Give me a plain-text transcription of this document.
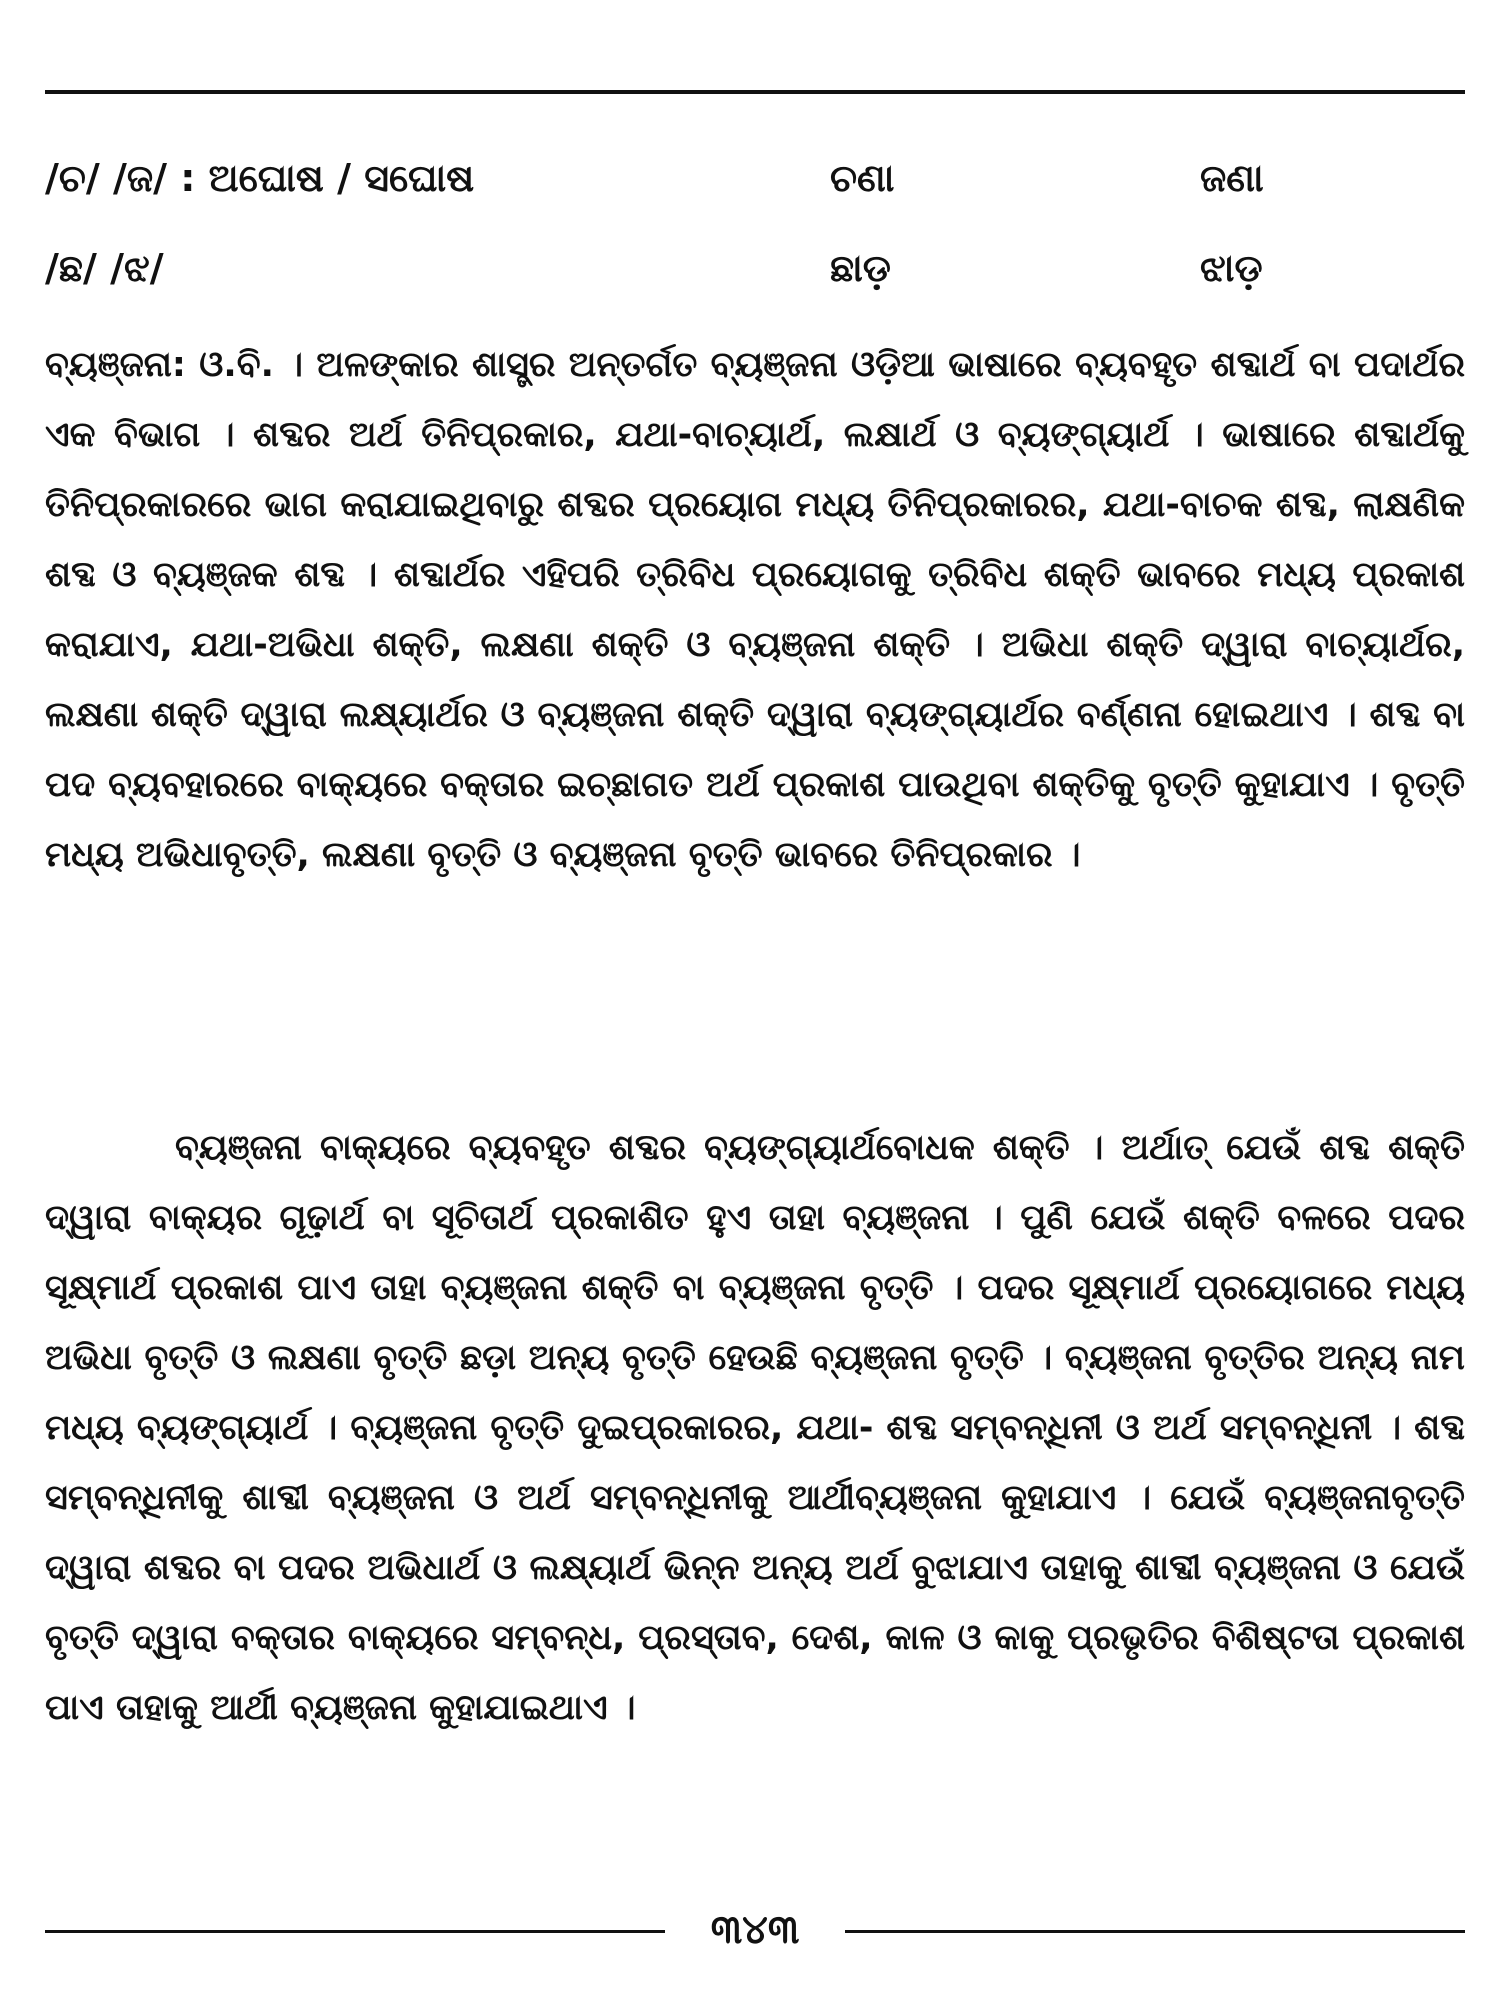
/ଚ/ /ଜ/ : ଅଘୋଷ / ସଘୋଷ	ଚଣା	ଜଣା
/ଛ/ /ଝ/	ଛାଡ଼	ଝାଡ଼

ବ୍ୟଞ୍ଜନା: ଓ.ବି. । ଅଳଙ୍କାର ଶାସ୍ତ୍ର ଅନ୍ତର୍ଗତ ବ୍ୟଞ୍ଜନା ଓଡ଼ିଆ ଭାଷାରେ ବ୍ୟବହୃତ ଶବ୍ଦାର୍ଥ ବା ପଦାର୍ଥର ଏକ ବିଭାଗ । ଶବ୍ଦର ଅର୍ଥ ତିନିପ୍ରକାର, ଯଥା-ବାଚ୍ୟାର୍ଥ, ଲକ୍ଷାର୍ଥ ଓ ବ୍ୟଙ୍ଗ୍ୟାର୍ଥ । ଭାଷାରେ ଶବ୍ଦାର୍ଥକୁ ତିନିପ୍ରକାରରେ ଭାଗ କରାଯାଇଥିବାରୁ ଶବ୍ଦର ପ୍ରୟୋଗ ମଧ୍ୟ ତିନିପ୍ରକାରର, ଯଥା-ବାଚକ ଶବ୍ଦ, ଲାକ୍ଷଣିକ ଶବ୍ଦ ଓ ବ୍ୟଞ୍ଜକ ଶବ୍ଦ । ଶବ୍ଦାର୍ଥର ଏହିପରି ତ୍ରିବିଧ ପ୍ରୟୋଗକୁ ତ୍ରିବିଧ ଶକ୍ତି ଭାବରେ ମଧ୍ୟ ପ୍ରକାଶ କରାଯାଏ, ଯଥା-ଅଭିଧା ଶକ୍ତି, ଲକ୍ଷଣା ଶକ୍ତି ଓ ବ୍ୟଞ୍ଜନା ଶକ୍ତି । ଅଭିଧା ଶକ୍ତି ଦ୍ୱାରା ବାଚ୍ୟାର୍ଥର, ଲକ୍ଷଣା ଶକ୍ତି ଦ୍ୱାରା ଲକ୍ଷ୍ୟାର୍ଥର ଓ ବ୍ୟଞ୍ଜନା ଶକ୍ତି ଦ୍ୱାରା ବ୍ୟଙ୍ଗ୍ୟାର୍ଥର ବର୍ଣ୍ଣନା ହୋଇଥାଏ । ଶବ୍ଦ ବା ପଦ ବ୍ୟବହାରରେ ବାକ୍ୟରେ ବକ୍ତାର ଇଚ୍ଛାଗତ ଅର୍ଥ ପ୍ରକାଶ ପାଉଥିବା ଶକ୍ତିକୁ ବୃତ୍ତି କୁହାଯାଏ । ବୃତ୍ତି ମଧ୍ୟ ଅଭିଧାବୃତ୍ତି, ଲକ୍ଷଣା ବୃତ୍ତି ଓ ବ୍ୟଞ୍ଜନା ବୃତ୍ତି ଭାବରେ ତିନିପ୍ରକାର ।

ବ୍ୟଞ୍ଜନା ବାକ୍ୟରେ ବ୍ୟବହୃତ ଶବ୍ଦର ବ୍ୟଙ୍ଗ୍ୟାର୍ଥବୋଧକ ଶକ୍ତି । ଅର୍ଥାତ୍ ଯେଉଁ ଶବ୍ଦ ଶକ୍ତି ଦ୍ୱାରା ବାକ୍ୟର ଗୂଢ଼ାର୍ଥ ବା ସୂଚିତାର୍ଥ ପ୍ରକାଶିତ ହୁଏ ତାହା ବ୍ୟଞ୍ଜନା । ପୁଣି ଯେଉଁ ଶକ୍ତି ବଳରେ ପଦର ସୂକ୍ଷ୍ମାର୍ଥ ପ୍ରକାଶ ପାଏ ତାହା ବ୍ୟଞ୍ଜନା ଶକ୍ତି ବା ବ୍ୟଞ୍ଜନା ବୃତ୍ତି । ପଦର ସୂକ୍ଷ୍ମାର୍ଥ ପ୍ରୟୋଗରେ ମଧ୍ୟ ଅଭିଧା ବୃତ୍ତି ଓ ଲକ୍ଷଣା ବୃତ୍ତି ଛଡ଼ା ଅନ୍ୟ ବୃତ୍ତି ହେଉଛି ବ୍ୟଞ୍ଜନା ବୃତ୍ତି । ବ୍ୟଞ୍ଜନା ବୃତ୍ତିର ଅନ୍ୟ ନାମ ମଧ୍ୟ ବ୍ୟଙ୍ଗ୍ୟାର୍ଥ । ବ୍ୟଞ୍ଜନା ବୃତ୍ତି ଦୁଇପ୍ରକାରର, ଯଥା- ଶବ୍ଦ ସମ୍ବନ୍ଧିନୀ ଓ ଅର୍ଥ ସମ୍ବନ୍ଧିନୀ । ଶବ୍ଦ ସମ୍ବନ୍ଧିନୀକୁ ଶାବ୍ଦୀ ବ୍ୟଞ୍ଜନା ଓ ଅର୍ଥ ସମ୍ବନ୍ଧିନୀକୁ ଆର୍ଥୀବ୍ୟଞ୍ଜନା କୁହାଯାଏ । ଯେଉଁ ବ୍ୟଞ୍ଜନାବୃତ୍ତି ଦ୍ୱାରା ଶବ୍ଦର ବା ପଦର ଅଭିଧାର୍ଥ ଓ ଲକ୍ଷ୍ୟାର୍ଥ ଭିନ୍ନ ଅନ୍ୟ ଅର୍ଥ ବୁଝାଯାଏ ତାହାକୁ ଶାବ୍ଦୀ ବ୍ୟଞ୍ଜନା ଓ ଯେଉଁ ବୃତ୍ତି ଦ୍ୱାରା ବକ୍ତାର ବାକ୍ୟରେ ସମ୍ବନ୍ଧ, ପ୍ରସ୍ତାବ, ଦେଶ, କାଳ ଓ କାକୁ ପ୍ରଭୃତିର ବିଶିଷ୍ଟତା ପ୍ରକାଶ ପାଏ ତାହାକୁ ଆର୍ଥୀ ବ୍ୟଞ୍ଜନା କୁହାଯାଇଥାଏ ।

୩୪୩
